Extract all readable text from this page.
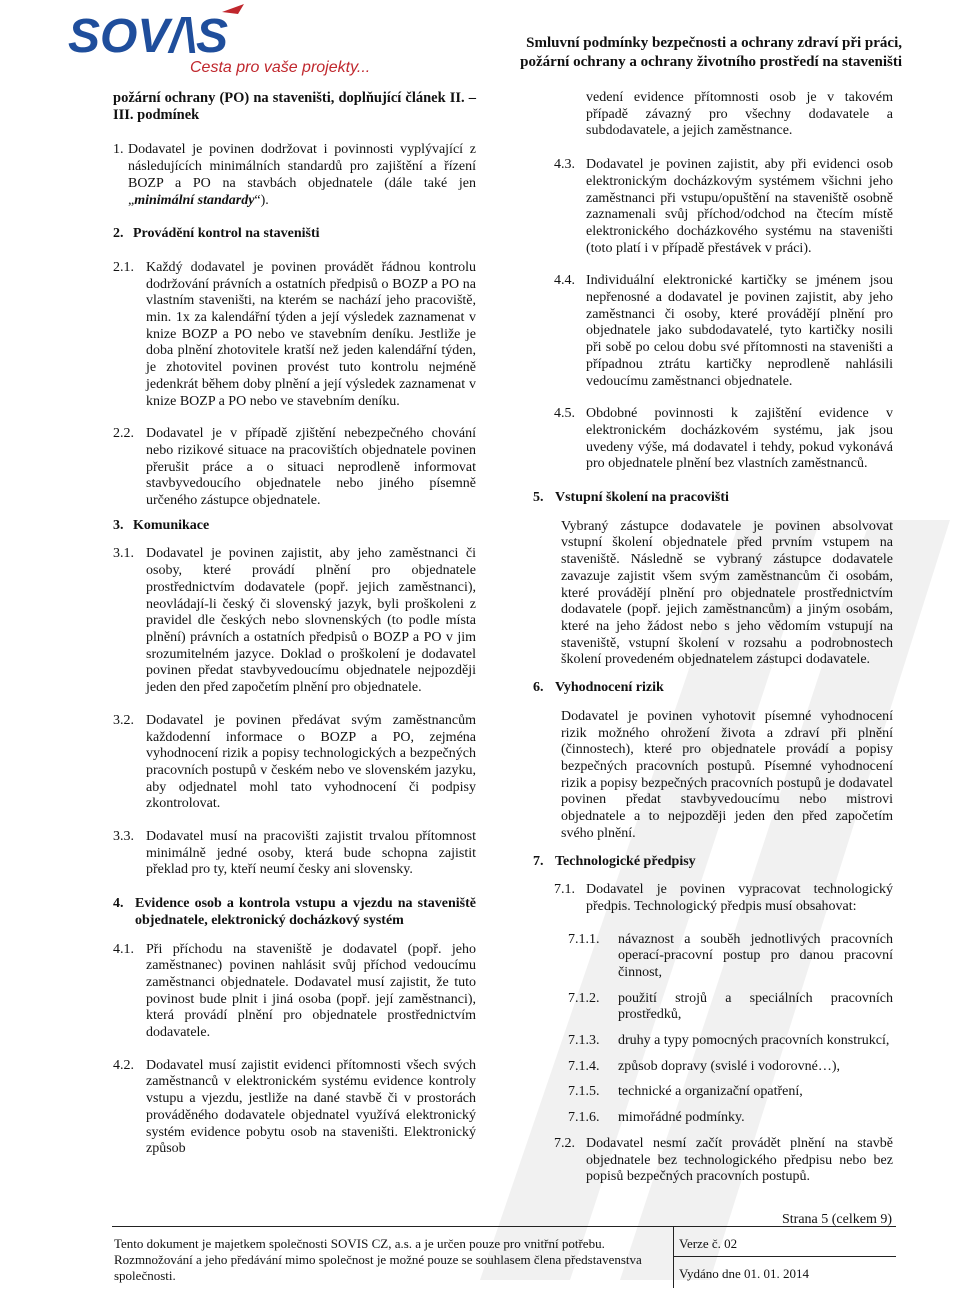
SOV/\S
Cesta pro vaše projekty...
Smluvní podmínky bezpečnosti a ochrany zdraví při práci,
požární ochrany a ochrany životního prostředí na staveništi

požární ochrany (PO) na staveništi, doplňující článek II. – III. podmínek

1. Dodavatel je povinen dodržovat i povinnosti vyplývající z následujících minimálních standardů pro zajištění a řízení BOZP a PO na stavbách objednatele (dále také jen „minimální standardy“).
2. Provádění kontrol na staveništi
2.1. Každý dodavatel je povinen provádět řádnou kontrolu dodržování právních a ostatních předpisů o BOZP a PO na vlastním staveništi, na kterém se nachází jeho pracoviště, min. 1x za kalendářní týden a její výsledek zaznamenat v knize BOZP a PO nebo ve stavebním deníku. Jestliže je doba plnění zhotovitele kratší než jeden kalendářní týden, je zhotovitel povinen provést tuto kontrolu nejméně jedenkrát během doby plnění a její výsledek zaznamenat v knize BOZP a PO nebo ve stavebním deníku.
2.2. Dodavatel je v případě zjištění nebezpečného chování nebo rizikové situace na pracovištích objednatele povinen přerušit práce a o situaci neprodleně informovat stavbyvedoucího objednatele nebo jiného písemně určeného zástupce objednatele.
3. Komunikace
3.1. Dodavatel je povinen zajistit, aby jeho zaměstnanci či osoby, které provádí plnění pro objednatele prostřednictvím dodavatele (popř. jejich zaměstnanci), neovládají-li český či slovenský jazyk, byli proškoleni z pravidel dle českých nebo slovnenských (to podle místa plnění) právních a ostatních předpisů o BOZP a PO v jim srozumitelném jazyce. Doklad o proškolení je dodavatel povinen předat stavbyvedoucímu objednatele nejpozději jeden den před započetím plnění pro objednatele.
3.2. Dodavatel je povinen předávat svým zaměstnancům každodenní informace o BOZP a PO, zejména vyhodnocení rizik a popisy technologických a bezpečných pracovních postupů v českém nebo ve slovenském jazyku, aby odjednatel mohl tato vyhodnocení či podpisy zkontrolovat.
3.3. Dodavatel musí na pracovišti zajistit trvalou přítomnost minimálně jedné osoby, která bude schopna zajistit překlad pro ty, kteří neumí česky ani slovensky.
4. Evidence osob a kontrola vstupu a vjezdu na staveniště objednatele, elektronický docházkový systém
4.1. Při příchodu na staveniště je dodavatel (popř. jeho zaměstnanec) povinen nahlásit svůj příchod vedoucímu zaměstnanci objednatele. Dodavatel musí zajistit, že tuto povinost bude plnit i jiná osoba (popř. její zaměstnanci), která provádí plnění pro objednatele prostřednictvím dodavatele.
4.2. Dodavatel musí zajistit evidenci přítomnosti všech svých zaměstnanců v elektronickém systému evidence kontroly vstupu a vjezdu, jestliže na dané stavbě či v prostorách prováděného dodavatele objednatel využívá elektronický systém evidence pobytu osob na staveništi. Elektronický způsob
vedení evidence přítomnosti osob je v takovém případě závazný pro všechny dodavatele a subdodavatele, a jejich zaměstnance.
4.3. Dodavatel je povinen zajistit, aby při evidenci osob elektronickým docházkovým systémem všichni jeho zaměstnanci při vstupu/opuštění na staveniště osobně zaznamenali svůj příchod/odchod na čtecím místě elektronického docházkového systému na staveništi (toto platí i v případě přestávek v práci).
4.4. Individuální elektronické kartičky se jménem jsou nepřenosné a dodavatel je povinen zajistit, aby jeho zaměstnanci či osoby, které provádějí plnění pro objednatele jako subdodavatelé, tyto kartičky nosili při sobě po celou dobu své přítomnosti na staveništi a případnou ztrátu kartičky neprodleně nahlásili vedoucímu zaměstnanci objednatele.
4.5. Obdobné povinnosti k zajištění evidence v elektronickém docházkovém systému, jak jsou uvedeny výše, má dodavatel i tehdy, pokud vykonává pro objednatele plnění bez vlastních zaměstnanců.
5. Vstupní školení na pracovišti
Vybraný zástupce dodavatele je povinen absolvovat vstupní školení objednatele před prvním vstupem na staveniště. Následně se vybraný zástupce dodavatele zavazuje zajistit všem svým zaměstnancům či osobám, které provádějí plnění pro objednatele prostřednictvím dodavatele (popř. jejich zaměstnancům) a jiným osobám, které na jeho žádost nebo s jeho vědomím vstupují na staveniště, vstupní školení v rozsahu a podrobnostech školení provedeném objednatelem zástupci dodavatele.
6. Vyhodnocení rizik
Dodavatel je povinen vyhotovit písemné vyhodnocení rizik možného ohrožení života a zdraví při plnění (činnostech), které pro objednatele provádí a popisy bezpečných pracovních postupů. Písemné vyhodnocení rizik a popisy bezpečných pracovních postupů je dodavatel povinen předat stavbyvedoucímu nebo mistrovi objednatele a to nejpozději jeden den před započetím svého plnění.
7. Technologické předpisy
7.1. Dodavatel je povinen vypracovat technologický předpis. Technologický předpis musí obsahovat:
7.1.1.	návaznost a souběh jednotlivých pracovních operací-pracovní postup pro danou pracovní činnost,
7.1.2.	použití strojů a speciálních pracovních prostředků,
7.1.3.	druhy a typy pomocných pracovních konstrukcí,
7.1.4.	způsob dopravy (svislé i vodorovné…),
7.1.5.	technické a organizační opatření,
7.1.6.	mimořádné podmínky.
7.2. Dodavatel nesmí začít provádět plnění na stavbě objednatele bez technologického předpisu nebo bez popisů bezpečných pracovních postupů.
Strana 5 (celkem 9)
Tento dokument je majetkem společnosti SOVIS CZ, a.s. a je určen pouze pro vnitřní potřebu.
Rozmnožování a jeho předávání mimo společnost je možné pouze se souhlasem člena představenstva společnosti.
Verze č. 02
Vydáno dne 01. 01. 2014
